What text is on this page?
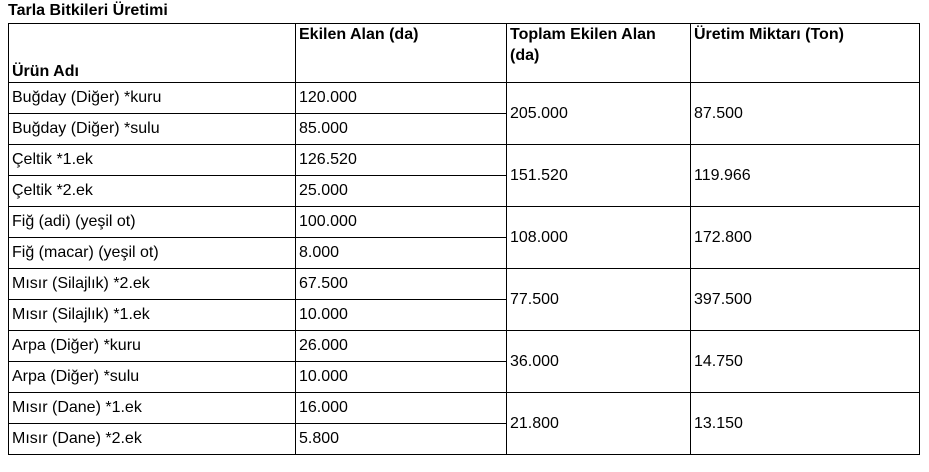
Tarla Bitkileri Üretimi
Ürün Adı	Ekilen Alan (da)	Toplam Ekilen Alan (da)	Üretim Miktarı (Ton)
Buğday (Diğer) *kuru	120.000	205.000	87.500
Buğday (Diğer) *sulu	85.000		
Çeltik *1.ek	126.520	151.520	119.966
Çeltik *2.ek	25.000		
Fiğ (adi) (yeşil ot)	100.000	108.000	172.800
Fiğ (macar) (yeşil ot)	8.000		
Mısır (Silajlık) *2.ek	67.500	77.500	397.500
Mısır (Silajlık) *1.ek	10.000		
Arpa (Diğer) *kuru	26.000	36.000	14.750
Arpa (Diğer) *sulu	10.000		
Mısır (Dane) *1.ek	16.000	21.800	13.150
Mısır (Dane) *2.ek	5.800		
